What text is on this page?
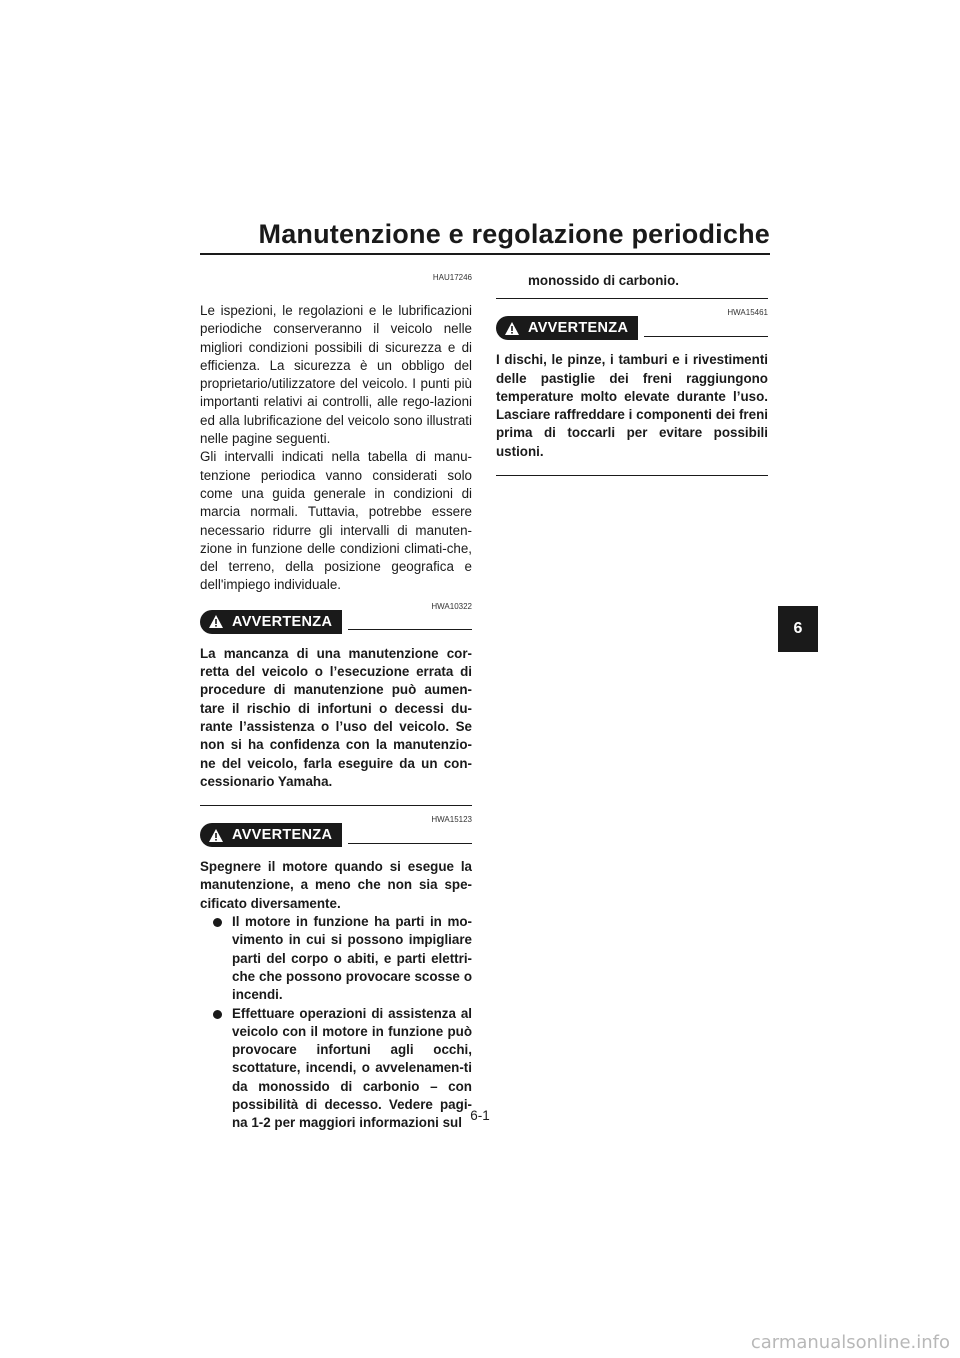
Manutenzione e regolazione periodiche
HAU17246

Le ispezioni, le regolazioni e le lubrificazioni periodiche conserveranno il veicolo nelle migliori condizioni possibili di sicurezza e di efficienza. La sicurezza è un obbligo del proprietario/utilizzatore del veicolo. I punti più importanti relativi ai controlli, alle rego-lazioni ed alla lubrificazione del veicolo sono illustrati nelle pagine seguenti.

Gli intervalli indicati nella tabella di manu-tenzione periodica vanno considerati solo come una guida generale in condizioni di marcia normali. Tuttavia, potrebbe essere necessario ridurre gli intervalli di manuten-zione in funzione delle condizioni climati-che, del terreno, della posizione geografica e dell'impiego individuale.

HWA10322
AVVERTENZA

La mancanza di una manutenzione cor-retta del veicolo o l’esecuzione errata di procedure di manutenzione può aumen-tare il rischio di infortuni o decessi du-rante l’assistenza o l’uso del veicolo. Se non si ha confidenza con la manutenzio-ne del veicolo, farla eseguire da un con-cessionario Yamaha.

HWA15123
AVVERTENZA

Spegnere il motore quando si esegue la manutenzione, a meno che non sia spe-cificato diversamente.

Il motore in funzione ha parti in mo-vimento in cui si possono impigliare parti del corpo o abiti, e parti elettri-che che possono provocare scosse o incendi.
Effettuare operazioni di assistenza al veicolo con il motore in funzione può provocare infortuni agli occhi, scottature, incendi, o avvelenamen-ti da monossido di carbonio – con possibilità di decesso. Vedere pagi-na 1-2 per maggiori informazioni sul

monossido di carbonio.

HWA15461
AVVERTENZA

I dischi, le pinze, i tamburi e i rivestimenti delle pastiglie dei freni raggiungono temperature molto elevate durante l’uso. Lasciare raffreddare i componenti dei freni prima di toccarli per evitare possibili ustioni.

6
6-1
carmanualsonline.info
